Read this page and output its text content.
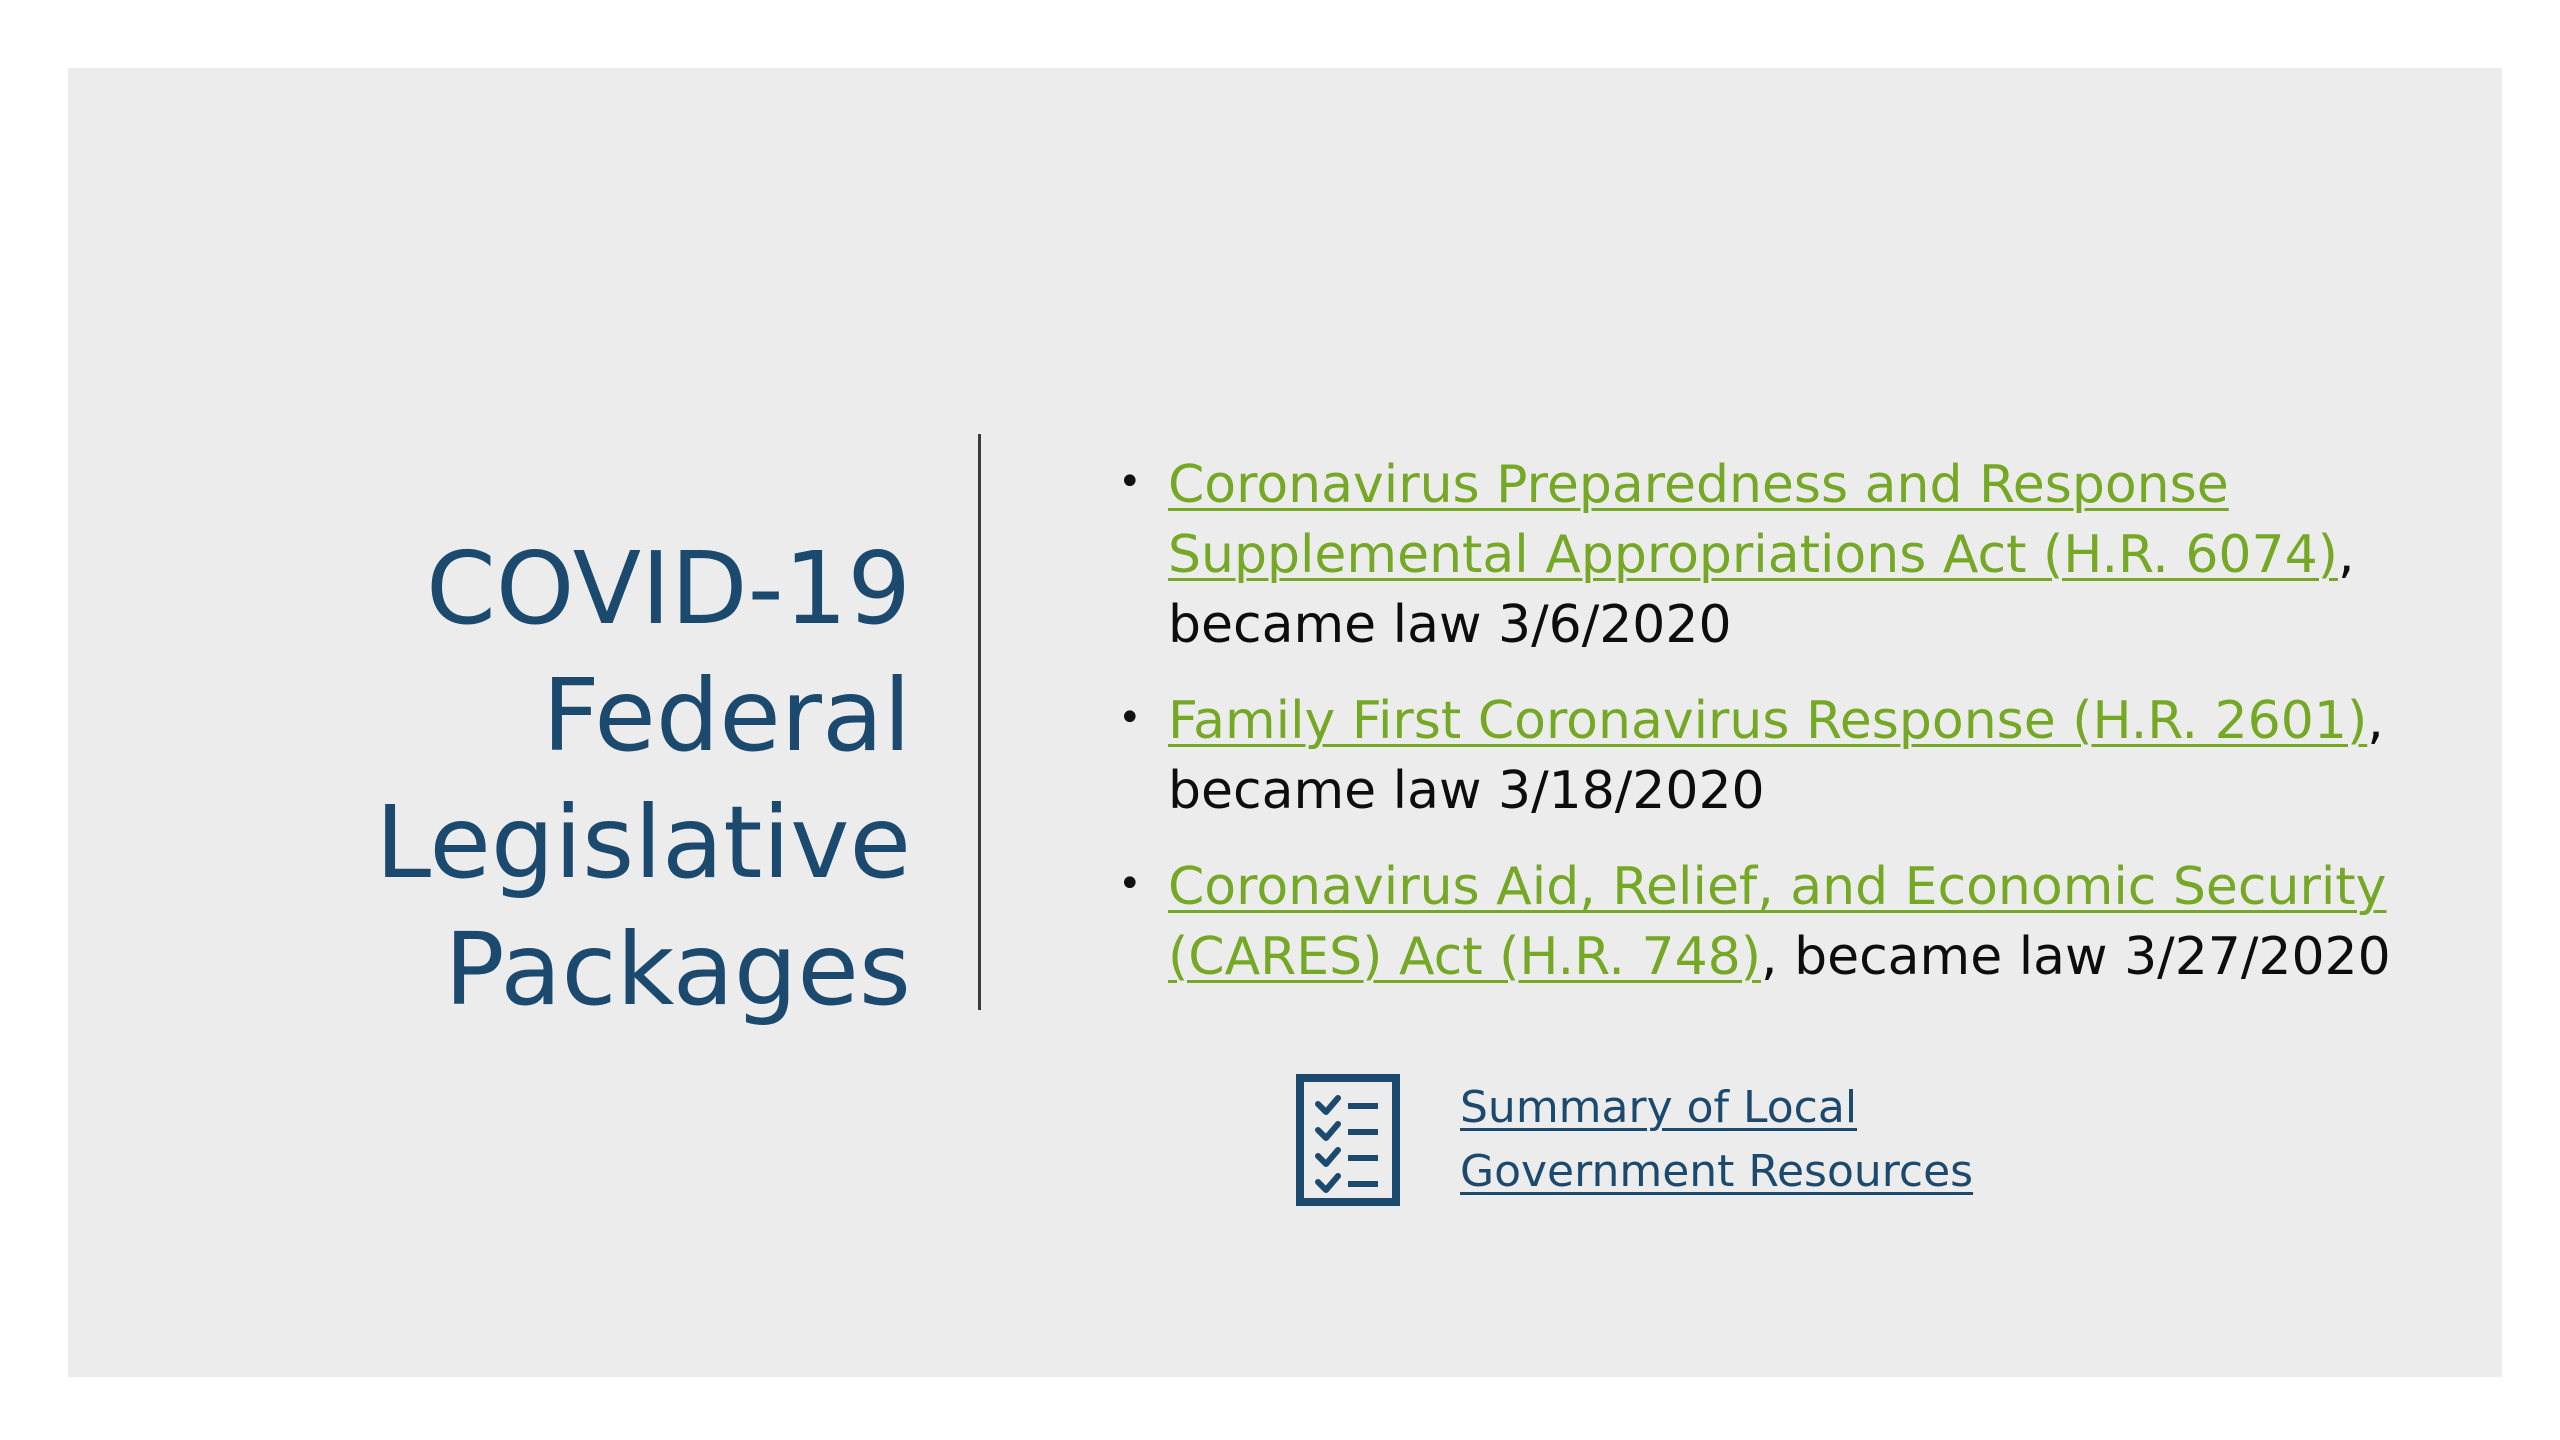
COVID-19
Federal
Legislative
Packages
• Coronavirus Preparedness and Response Supplemental Appropriations Act (H.R. 6074), became law 3/6/2020
• Family First Coronavirus Response (H.R. 2601), became law 3/18/2020
• Coronavirus Aid, Relief, and Economic Security (CARES) Act (H.R. 748), became law 3/27/2020
Summary of Local Government Resources
